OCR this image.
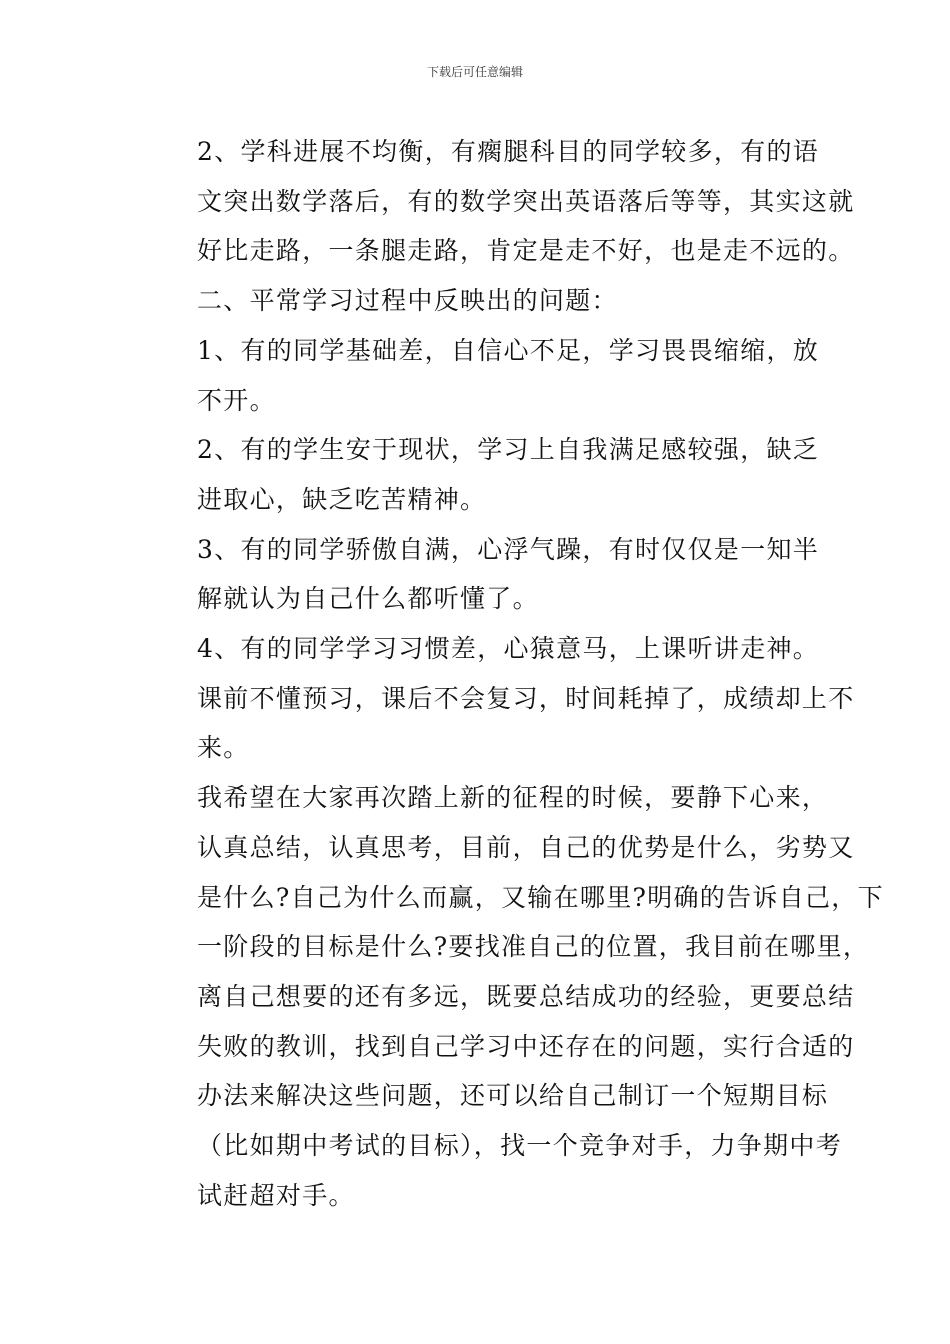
下载后可任意编辑

2、学科进展不均衡，有瘸腿科目的同学较多，有的语
文突出数学落后，有的数学突出英语落后等等，其实这就
好比走路，一条腿走路，肯定是走不好，也是走不远的。

二、平常学习过程中反映出的问题：

1、有的同学基础差，自信心不足，学习畏畏缩缩，放
不开。

2、有的学生安于现状，学习上自我满足感较强，缺乏
进取心，缺乏吃苦精神。

3、有的同学骄傲自满，心浮气躁，有时仅仅是一知半
解就认为自己什么都听懂了。

4、有的同学学习习惯差，心猿意马，上课听讲走神。
课前不懂预习，课后不会复习，时间耗掉了，成绩却上不
来。

我希望在大家再次踏上新的征程的时候，要静下心来，
认真总结，认真思考，目前，自己的优势是什么，劣势又
是什么?自己为什么而赢，又输在哪里?明确的告诉自己，下
一阶段的目标是什么?要找准自己的位置，我目前在哪里，
离自己想要的还有多远，既要总结成功的经验，更要总结
失败的教训，找到自己学习中还存在的问题，实行合适的
办法来解决这些问题，还可以给自己制订一个短期目标
（比如期中考试的目标），找一个竞争对手，力争期中考
试赶超对手。
